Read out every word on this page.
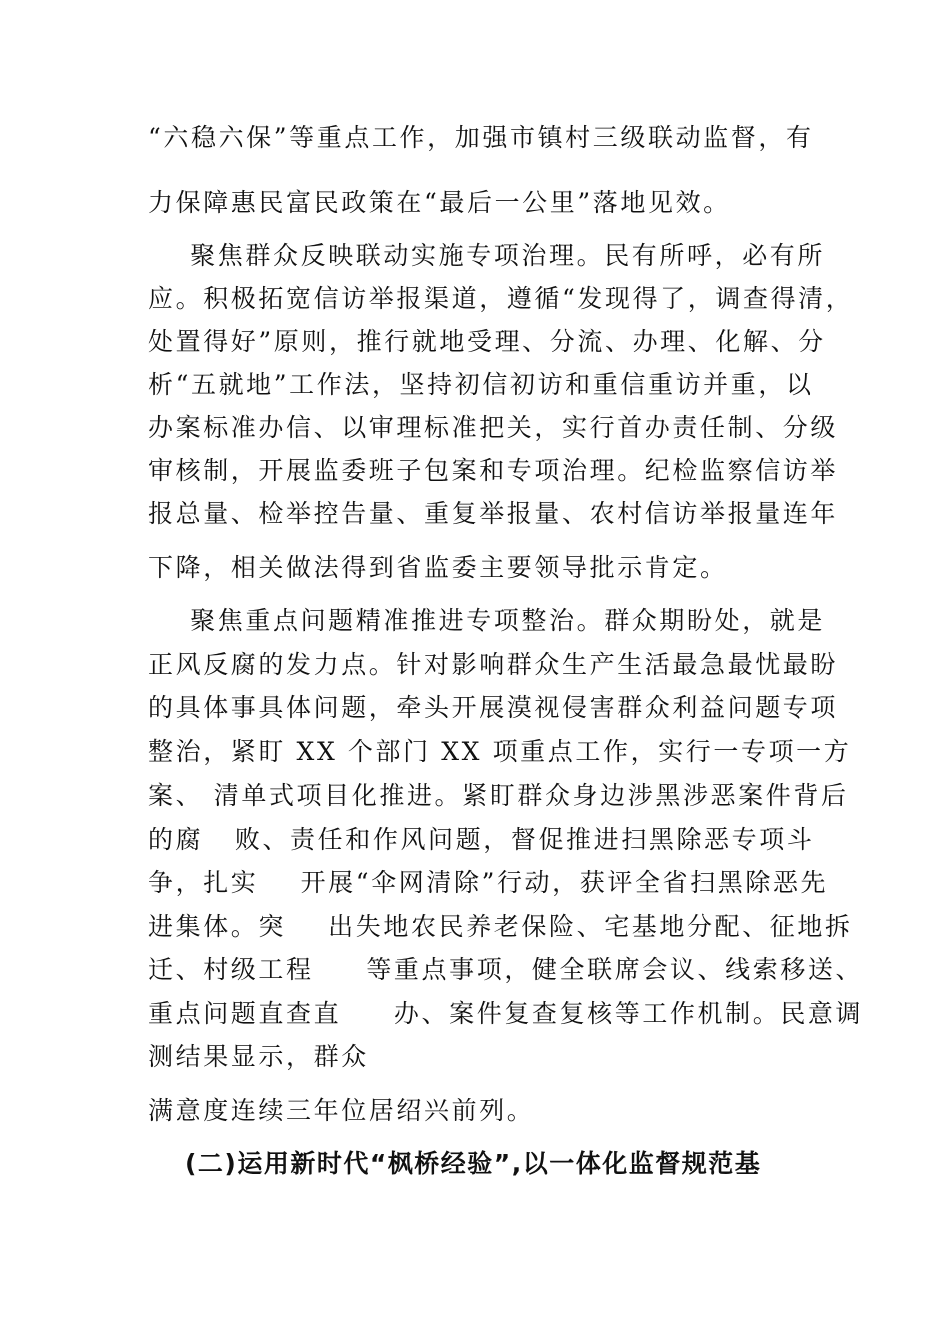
“六稳六保”等重点工作，加强市镇村三级联动监督，有
力保障惠民富民政策在“最后一公里”落地见效。
聚焦群众反映联动实施专项治理。民有所呼，必有所
应。积极拓宽信访举报渠道，遵循“发现得了，调查得清，
处置得好”原则，推行就地受理、分流、办理、化解、分
析“五就地”工作法，坚持初信初访和重信重访并重，以
办案标准办信、以审理标准把关，实行首办责任制、分级
审核制，开展监委班子包案和专项治理。纪检监察信访举
报总量、检举控告量、重复举报量、农村信访举报量连年
下降，相关做法得到省监委主要领导批示肯定。
聚焦重点问题精准推进专项整治。群众期盼处，就是
正风反腐的发力点。针对影响群众生产生活最急最忧最盼
的具体事具体问题，牵头开展漠视侵害群众利益问题专项
整治，紧盯 XX 个部门 XX 项重点工作，实行一专项一方
案、 清单式项目化推进。紧盯群众身边涉黑涉恶案件背后
的腐   败、责任和作风问题，督促推进扫黑除恶专项斗
争，扎实    开展“伞网清除”行动，获评全省扫黑除恶先
进集体。突    出失地农民养老保险、宅基地分配、征地拆
迁、村级工程     等重点事项，健全联席会议、线索移送、
重点问题直查直     办、案件复查复核等工作机制。民意调
测结果显示，群众
满意度连续三年位居绍兴前列。
(二)运用新时代“枫桥经验”,以一体化监督规范基
